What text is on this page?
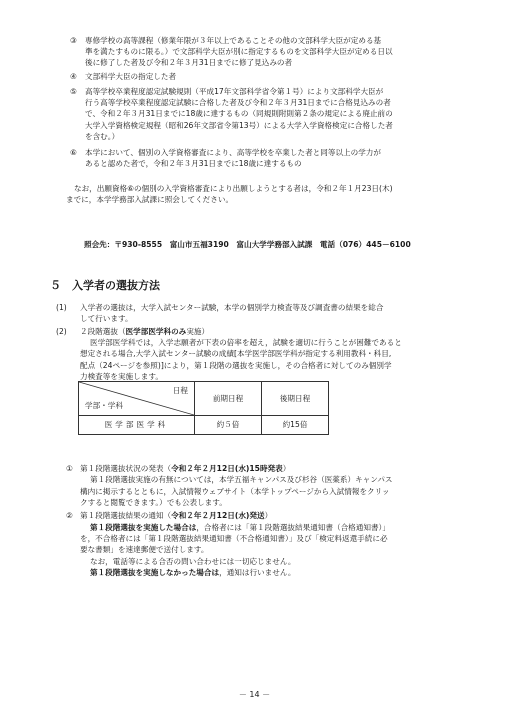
③ 専修学校の高等課程（修業年限が３年以上であることその他の文部科学大臣が定める基
準を満たすものに限る。）で文部科学大臣が別に指定するものを文部科学大臣が定める日以
後に修了した者及び令和２年３月31日までに修了見込みの者
④ 文部科学大臣の指定した者
⑤ 高等学校卒業程度認定試験規則（平成17年文部科学省令第１号）により文部科学大臣が
行う高等学校卒業程度認定試験に合格した者及び令和２年３月31日までに合格見込みの者
で、令和２年３月31日までに18歳に達するもの（同規則附則第２条の規定による廃止前の
大学入学資格検定規程（昭和26年文部省令第13号）による大学入学資格検定に合格した者
を含む。）
⑥ 本学において、個別の入学資格審査により、高等学校を卒業した者と同等以上の学力が
あると認めた者で，令和２年３月31日までに18歳に達するもの
なお，出願資格⑥の個別の入学資格審査により出願しようとする者は，令和２年１月23日(木)
までに，本学学務部入試課に照会してください。
照会先：〒930-8555　富山市五福3190　富山大学学務部入試課　電話（076）445－6100
５ 入学者の選抜方法
(1) 入学者の選抜は，大学入試センター試験，本学の個別学力検査等及び調査書の結果を総合
して行います。
(2) ２段階選抜（医学部医学科のみ実施）
医学部医学科では，入学志願者が下表の倍率を超え，試験を適切に行うことが困難であると
想定される場合,大学入試センター試験の成績[本学医学部医学科が指定する利用教科・科目,
配点（24ページを参照)]により，第１段階の選抜を実施し，その合格者に対してのみ個別学
力検査等を実施します。
日程
学部・学科	前期日程	後期日程
医学部医学科	約５倍	約15倍
① 第１段階選抜状況の発表（令和２年２月12日(水)15時発表）
第１段階選抜実施の有無については，本学五福キャンパス及び杉谷（医薬系）キャンパス
構内に掲示するとともに，入試情報ウェブサイト（本学トップページから入試情報をクリッ
クすると閲覧できます。）でも公表します。
② 第１段階選抜結果の通知（令和２年２月12日(水)発送）
第１段階選抜を実施した場合は，合格者には「第１段階選抜結果通知書（合格通知書）」
を，不合格者には「第１段階選抜結果通知書（不合格通知書）」及び「検定料返還手続に必
要な書類」を速達郵便で送付します。
なお，電話等による合否の問い合わせには一切応じません。
第１段階選抜を実施しなかった場合は，通知は行いません。
－ 14 －
